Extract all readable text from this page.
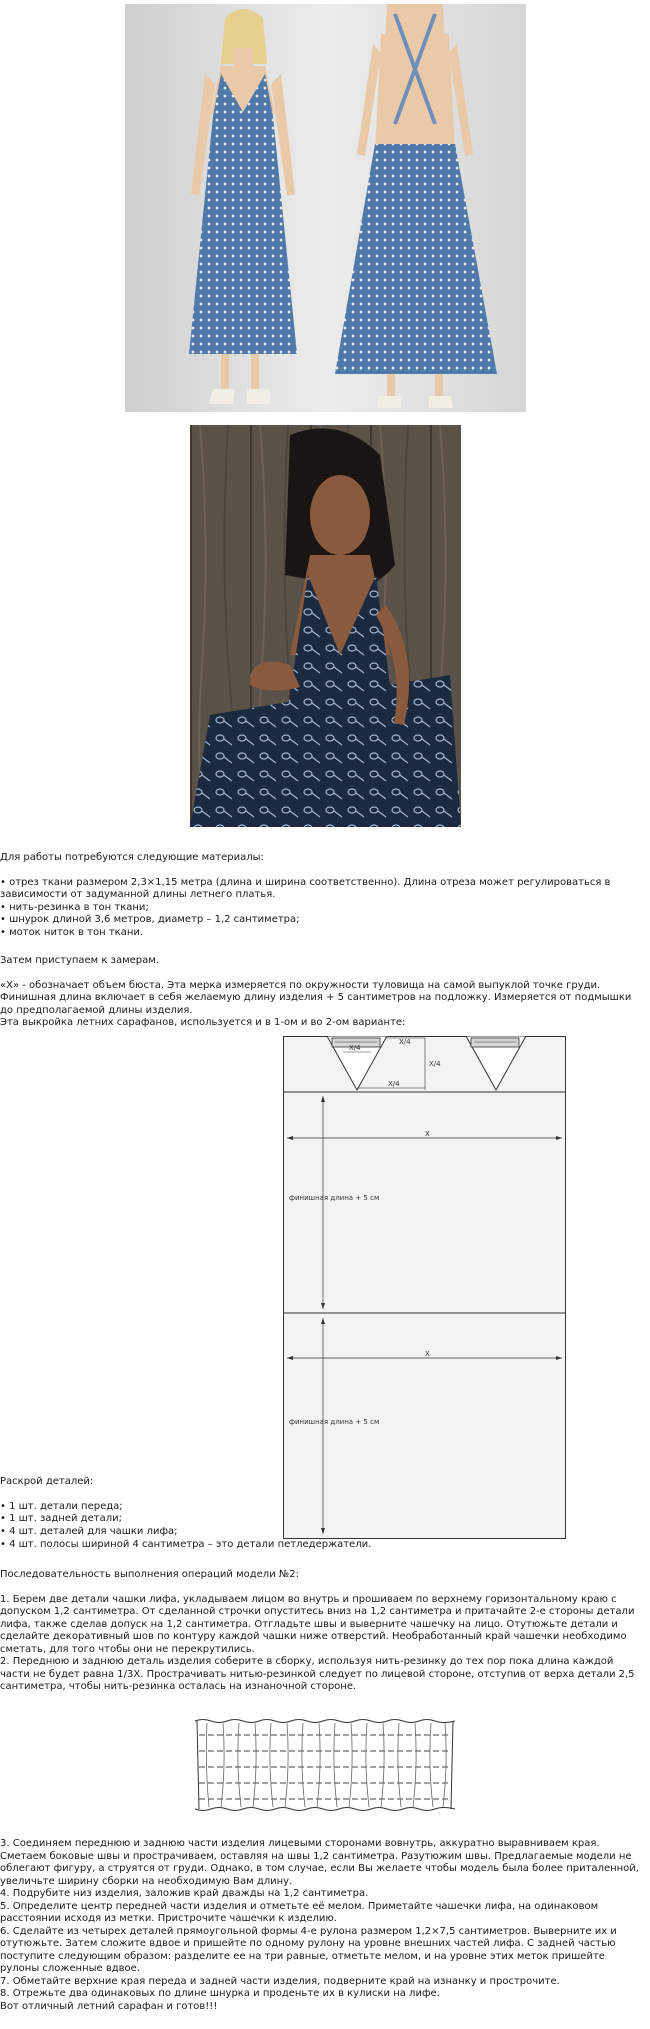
Для работы потребуются следующие материалы:

• отрез ткани размером 2,3×1,15 метра (длина и ширина соответственно). Длина отреза может регулироваться в зависимости от задуманной длины летнего платья.

• нить-резинка в тон ткани;

• шнурок длиной 3,6 метров, диаметр – 1,2 сантиметра;

• моток ниток в тон ткани.

Затем приступаем к замерам.

«Х» - обозначает объем бюста. Эта мерка измеряется по окружности туловища на самой выпуклой точке груди.

Финишная длина включает в себя желаемую длину изделия + 5 сантиметров на подложку. Измеряется от подмышки до предполагаемой длины изделия.

Эта выкройка летних сарафанов, используется и в 1-ом и во 2-ом варианте:

X/4
X/4
X/4
X/4
X
финишная длина + 5 см
X
финишная длина + 5 см

Раскрой деталей:

• 1 шт. детали переда;

• 1 шт. задней детали;

• 4 шт. деталей для чашки лифа;

• 4 шт. полосы шириной 4 сантиметра – это детали петледержатели.

Последовательность выполнения операций модели №2:

1. Берем две детали чашки лифа, укладываем лицом во внутрь и прошиваем по верхнему горизонтальному краю с допуском 1,2 сантиметра. От сделанной строчки опуститесь вниз на 1,2 сантиметра и притачайте 2-е стороны детали лифа, также сделав допуск на 1,2 сантиметра. Отгладьте швы и выверните чашечку на лицо. Отутюжьте детали и сделайте декоративный шов по контуру каждой чашки ниже отверстий. Необработанный край чашечки необходимо сметать, для того чтобы они не перекрутились.

2. Переднюю и заднюю деталь изделия соберите в сборку, используя нить-резинку до тех пор пока длина каждой части не будет равна 1/3Х. Прострачивать нитью-резинкой следует по лицевой стороне, отступив от верха детали 2,5 сантиметра, чтобы нить-резинка осталась на изнаночной стороне.

3. Соединяем переднюю и заднюю части изделия лицевыми сторонами вовнутрь, аккуратно выравниваем края. Сметаем боковые швы и прострачиваем, оставляя на швы 1,2 сантиметра. Разутюжим швы. Предлагаемые модели не облегают фигуру, а струятся от груди. Однако, в том случае, если Вы желаете чтобы модель была более приталенной, увеличьте ширину сборки на необходимую Вам длину.

4. Подрубите низ изделия, заложив край дважды на 1,2 сантиметра.

5. Определите центр передней части изделия и отметьте её мелом. Приметайте чашечки лифа, на одинаковом расстоянии исходя из метки. Пристрочите чашечки к изделию.

6. Сделайте из четырех деталей прямоугольной формы 4-е рулона размером 1,2×7,5 сантиметров. Выверните их и отутюжьте. Затем сложите вдвое и пришейте по одному рулону на уровне внешних частей лифа. С задней частью поступите следующим образом: разделите ее на три равные, отметьте мелом, и на уровне этих меток пришейте рулоны сложенные вдвое.

7. Обметайте верхние края переда и задней части изделия, подверните край на изнанку и прострочите.

8. Отрежьте два одинаковых по длине шнурка и проденьте их в кулиски на лифе.

Вот отличный летний сарафан и готов!!!
